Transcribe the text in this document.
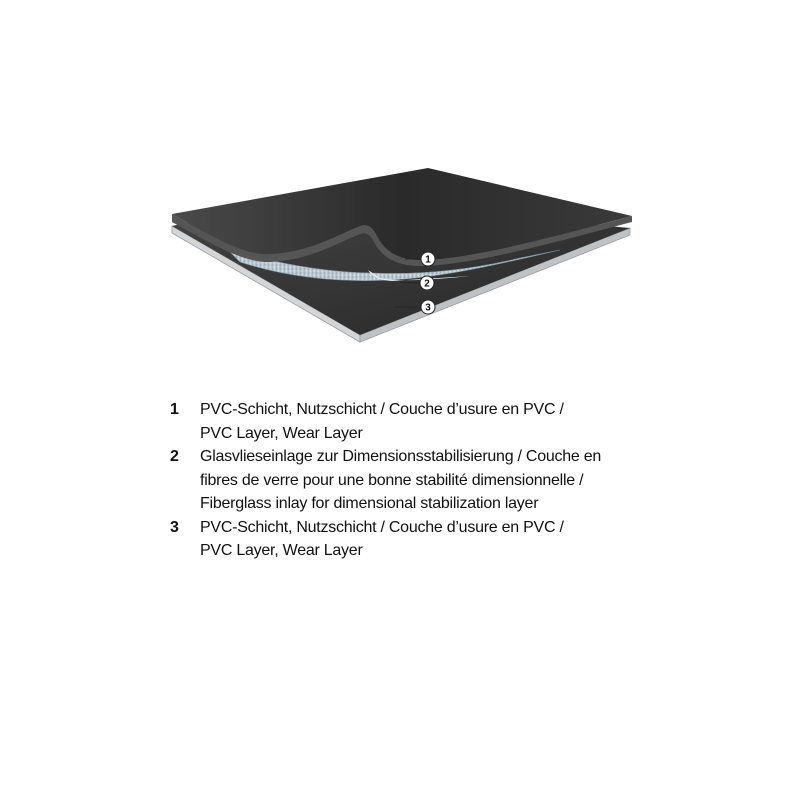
1
2
3
1	PVC-Schicht, Nutzschicht / Couche d’usure en PVC /
PVC Layer, Wear Layer
2	Glasvlieseinlage zur Dimensionsstabilisierung / Couche en
fibres de verre pour une bonne stabilité dimensionnelle /
Fiberglass inlay for dimensional stabilization layer
3	PVC-Schicht, Nutzschicht / Couche d’usure en PVC /
PVC Layer, Wear Layer
